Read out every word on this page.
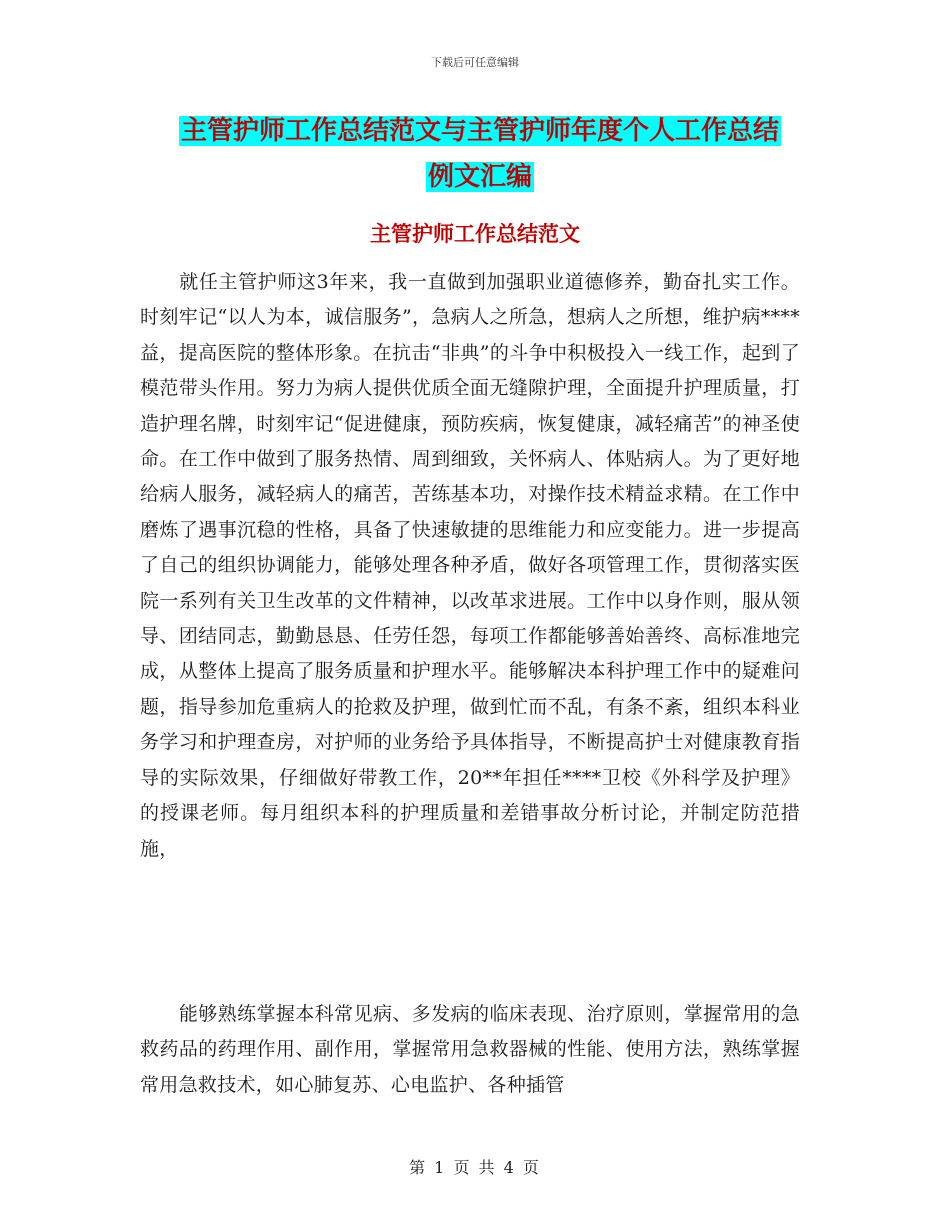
下载后可任意编辑
主管护师工作总结范文与主管护师年度个人工作总结
例文汇编
主管护师工作总结范文

　　就任主管护师这3年来，我一直做到加强职业道德修养，勤奋扎实工作。时刻牢记“以人为本，诚信服务”，急病人之所急，想病人之所想，维护病****益，提高医院的整体形象。在抗击“非典”的斗争中积极投入一线工作，起到了模范带头作用。努力为病人提供优质全面无缝隙护理，全面提升护理质量，打造护理名牌，时刻牢记“促进健康，预防疾病，恢复健康，减轻痛苦”的神圣使命。在工作中做到了服务热情、周到细致，关怀病人、体贴病人。为了更好地给病人服务，减轻病人的痛苦，苦练基本功，对操作技术精益求精。在工作中磨炼了遇事沉稳的性格，具备了快速敏捷的思维能力和应变能力。进一步提高了自己的组织协调能力，能够处理各种矛盾，做好各项管理工作，贯彻落实医院一系列有关卫生改革的文件精神，以改革求进展。工作中以身作则，服从领导、团结同志，勤勤恳恳、任劳任怨，每项工作都能够善始善终、高标准地完成，从整体上提高了服务质量和护理水平。能够解决本科护理工作中的疑难问题，指导参加危重病人的抢救及护理，做到忙而不乱，有条不紊，组织本科业务学习和护理查房，对护师的业务给予具体指导，不断提高护士对健康教育指导的实际效果，仔细做好带教工作，20**年担任****卫校《外科学及护理》的授课老师。每月组织本科的护理质量和差错事故分析讨论，并制定防范措施，

　　能够熟练掌握本科常见病、多发病的临床表现、治疗原则，掌握常用的急救药品的药理作用、副作用，掌握常用急救器械的性能、使用方法，熟练掌握常用急救技术，如心肺复苏、心电监护、各种插管

第 1 页 共 4 页
